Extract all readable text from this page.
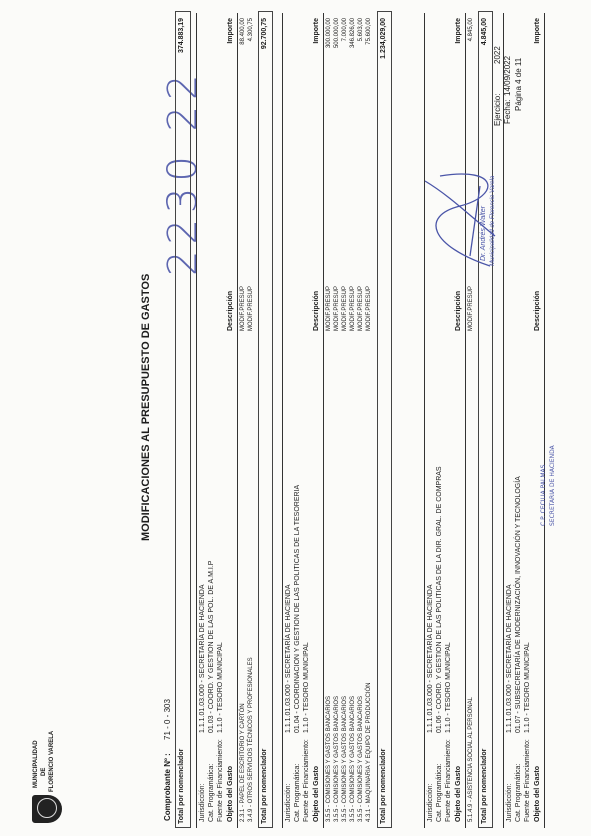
MUNICIPALIDAD DE FLORENCIO VARELA
MODIFICACIONES AL PRESUPUESTO DE GASTOS
Ejercicio:
2022
Fecha:
14/09/2022 Página 4 de 11
2230 22
Comprobante Nº :
71 - 0 - 303
Total por nomenclador
374.883,19
Jurisdicción:
1.1.1.01.03.000 - SECRETARÍA DE HACIENDA
Cat. Programática:
01.03 - COORD. Y GESTION DE LAS POL. DE A.M.I.P
Fuente de Financiamiento:
1.1.0 - TESORO MUNICIPAL
Objeto del Gasto
Descripción
Importe
2.3.1 - PAPEL DE ESCRITORIO Y CARTÓN
MODIF.PRESUP
88.400,00
3.4.9 - OTROS SERVICIOS TÉCNICOS Y PROFESIONALES
MODIF.PRESUP
4.300,75
Total por nomenclador
92.700,75
Jurisdicción:
1.1.1.01.03.000 - SECRETARÍA DE HACIENDA
Cat. Programática:
01.04 - COORDINACION Y GESTION DE LAS POLITICAS DE LA TESORERIA
Fuente de Financiamiento:
1.1.0 - TESORO MUNICIPAL
Objeto del Gasto
Descripción
Importe
3.5.5 - COMISIONES Y GASTOS BANCARIOS
MODIF.PRESUP
300.000,00
3.5.5 - COMISIONES Y GASTOS BANCARIOS
MODIF.PRESUP
500.000,00
3.5.5 - COMISIONES Y GASTOS BANCARIOS
MODIF.PRESUP
7.000,00
3.5.5 - COMISIONES Y GASTOS BANCARIOS
MODIF.PRESUP
346.826,00
3.5.5 - COMISIONES Y GASTOS BANCARIOS
MODIF.PRESUP
5.603,00
4.3.1 - MAQUINARIA Y EQUIPO DE PRODUCCIÓN
MODIF.PRESUP
75.600,00
Total por nomenclador
1.234,029,00
Jurisdicción:
1.1.1.01.03.000 - SECRETARÍA DE HACIENDA
Cat. Programática:
01.06 - COORD. Y GESTION DE LAS POLITICAS DE LA DIR. GRAL. DE COMPRAS
Fuente de Financiamiento:
1.1.0 - TESORO MUNICIPAL
Objeto del Gasto
Descripción
Importe
5.1.4.9 - ASISTENCIA SOCIAL AL PERSONAL
MODIF.PRESUP
4.845,00
Total por nomenclador
4.845,00
Jurisdicción:
1.1.1.01.03.000 - SECRETARÍA DE HACIENDA
Cat. Programática:
01.07 - SUBSECRETARÍA DE MODERNIZACIÓN, INNOVACIÓN Y TECNOLOGÍA
Fuente de Financiamiento:
1.1.0 - TESORO MUNICIPAL
Objeto del Gasto
Descripción
Importe
Dr. Andrés Walter Municipalidad de Florencio Varela
C.P. CECILIA PALMAS SECRETARIA DE HACIENDA
